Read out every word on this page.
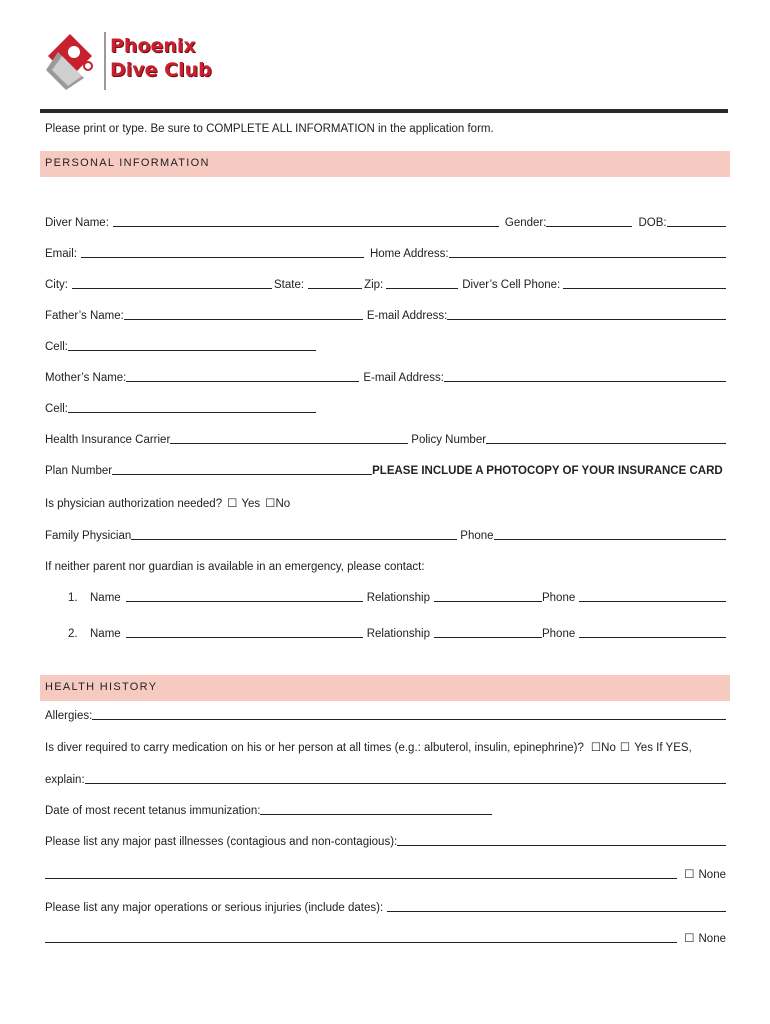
Phoenix
Dive Club
Please print or type. Be sure to COMPLETE ALL INFORMATION in the application form.
PERSONAL INFORMATION
Diver Name:	Gender:	DOB:
Email:	Home Address:
City:	State:	Zip:	Diver’s Cell Phone:
Father’s Name:	E-mail Address:
Cell:
Mother’s Name:	E-mail Address:
Cell:
Health Insurance Carrier	Policy Number
Plan Number	PLEASE INCLUDE A PHOTOCOPY OF YOUR INSURANCE CARD
Is physician authorization needed? ☐ Yes ☐ No
Family Physician	Phone
If neither parent nor guardian is available in an emergency, please contact:
1.	Name	Relationship	Phone
2.	Name	Relationship	Phone
HEALTH HISTORY
Allergies:
Is diver required to carry medication on his or her person at all times (e.g.: albuterol, insulin, epinephrine)? ☐ No ☐ Yes If YES,
explain:
Date of most recent tetanus immunization:
Please list any major past illnesses (contagious and non-contagious):
☐ None
Please list any major operations or serious injuries (include dates):
☐ None
